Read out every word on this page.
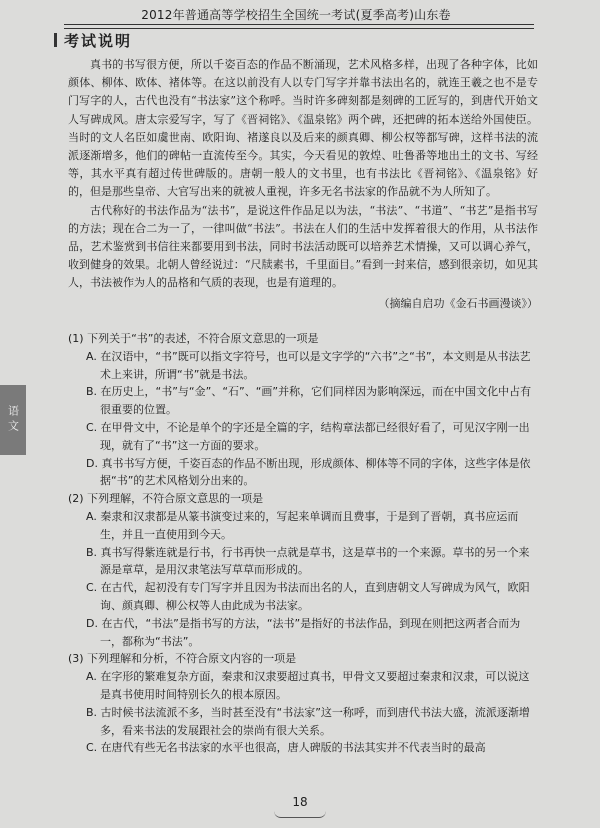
2012年普通高等学校招生全国统一考试(夏季高考)山东卷
考试说明

真书的书写很方便，所以千姿百态的作品不断涌现，艺术风格多样，出现了各种字体，比如颜体、柳体、欧体、褚体等。在这以前没有人以专门写字并靠书法出名的，就连王羲之也不是专门写字的人，古代也没有“书法家”这个称呼。当时许多碑刻都是刻碑的工匠写的，到唐代开始文人写碑成风。唐太宗爱写字，写了《晋祠铭》、《温泉铭》两个碑，还把碑的拓本送给外国使臣。当时的文人名臣如虞世南、欧阳询、褚遂良以及后来的颜真卿、柳公权等都写碑，这样书法的流派逐渐增多，他们的碑帖一直流传至今。其实，今天看见的敦煌、吐鲁番等地出土的文书、写经等，其水平真有超过传世碑版的。唐朝一般人的文书里，也有书法比《晋祠铭》、《温泉铭》好的，但是那些皇帝、大官写出来的就被人重视，许多无名书法家的作品就不为人所知了。

古代称好的书法作品为“法书”，是说这件作品足以为法，“书法”、“书道”、“书艺”是指书写的方法；现在合二为一了，一律叫做“书法”。书法在人们的生活中发挥着很大的作用，从书法作品，艺术鉴赏到书信往来都要用到书法，同时书法活动既可以培养艺术情操，又可以调心养气，收到健身的效果。北朝人曾经说过：“尺牍素书，千里面目。”看到一封来信，感到很亲切，如见其人，书法被作为人的品格和气质的表现，也是有道理的。

（摘编自启功《金石书画漫谈》）

(1) 下列关于“书”的表述，不符合原文意思的一项是

A. 在汉语中，“书”既可以指文字符号，也可以是文字学的“六书”之“书”，本文则是从书法艺术上来讲，所谓“书”就是书法。

B. 在历史上，“书”与“金”、“石”、“画”并称，它们同样因为影响深远，而在中国文化中占有很重要的位置。

C. 在甲骨文中，不论是单个的字还是全篇的字，结构章法都已经很好看了，可见汉字刚一出现，就有了“书”这一方面的要求。

D. 真书书写方便，千姿百态的作品不断出现，形成颜体、柳体等不同的字体，这些字体是依据“书”的艺术风格划分出来的。

(2) 下列理解，不符合原文意思的一项是

A. 秦隶和汉隶都是从篆书演变过来的，写起来单调而且费事，于是到了晋朝，真书应运而生，并且一直使用到今天。

B. 真书写得紫连就是行书，行书再快一点就是草书，这是草书的一个来源。草书的另一个来源是章草，是用汉隶笔法写草草而形成的。

C. 在古代，起初没有专门写字并且因为书法而出名的人，直到唐朝文人写碑成为风气，欧阳询、颜真卿、柳公权等人由此成为书法家。

D. 在古代，“书法”是指书写的方法，“法书”是指好的书法作品，到现在则把这两者合而为一，都称为“书法”。

(3) 下列理解和分析，不符合原文内容的一项是

A. 在字形的繁难复杂方面，秦隶和汉隶要超过真书，甲骨文又要超过秦隶和汉隶，可以说这是真书使用时间特别长久的根本原因。

B. 古时候书法流派不多，当时甚至没有“书法家”这一称呼，而到唐代书法大盛，流派逐渐增多，看来书法的发展跟社会的崇尚有很大关系。

C. 在唐代有些无名书法家的水平也很高，唐人碑版的书法其实并不代表当时的最高

语文
18
